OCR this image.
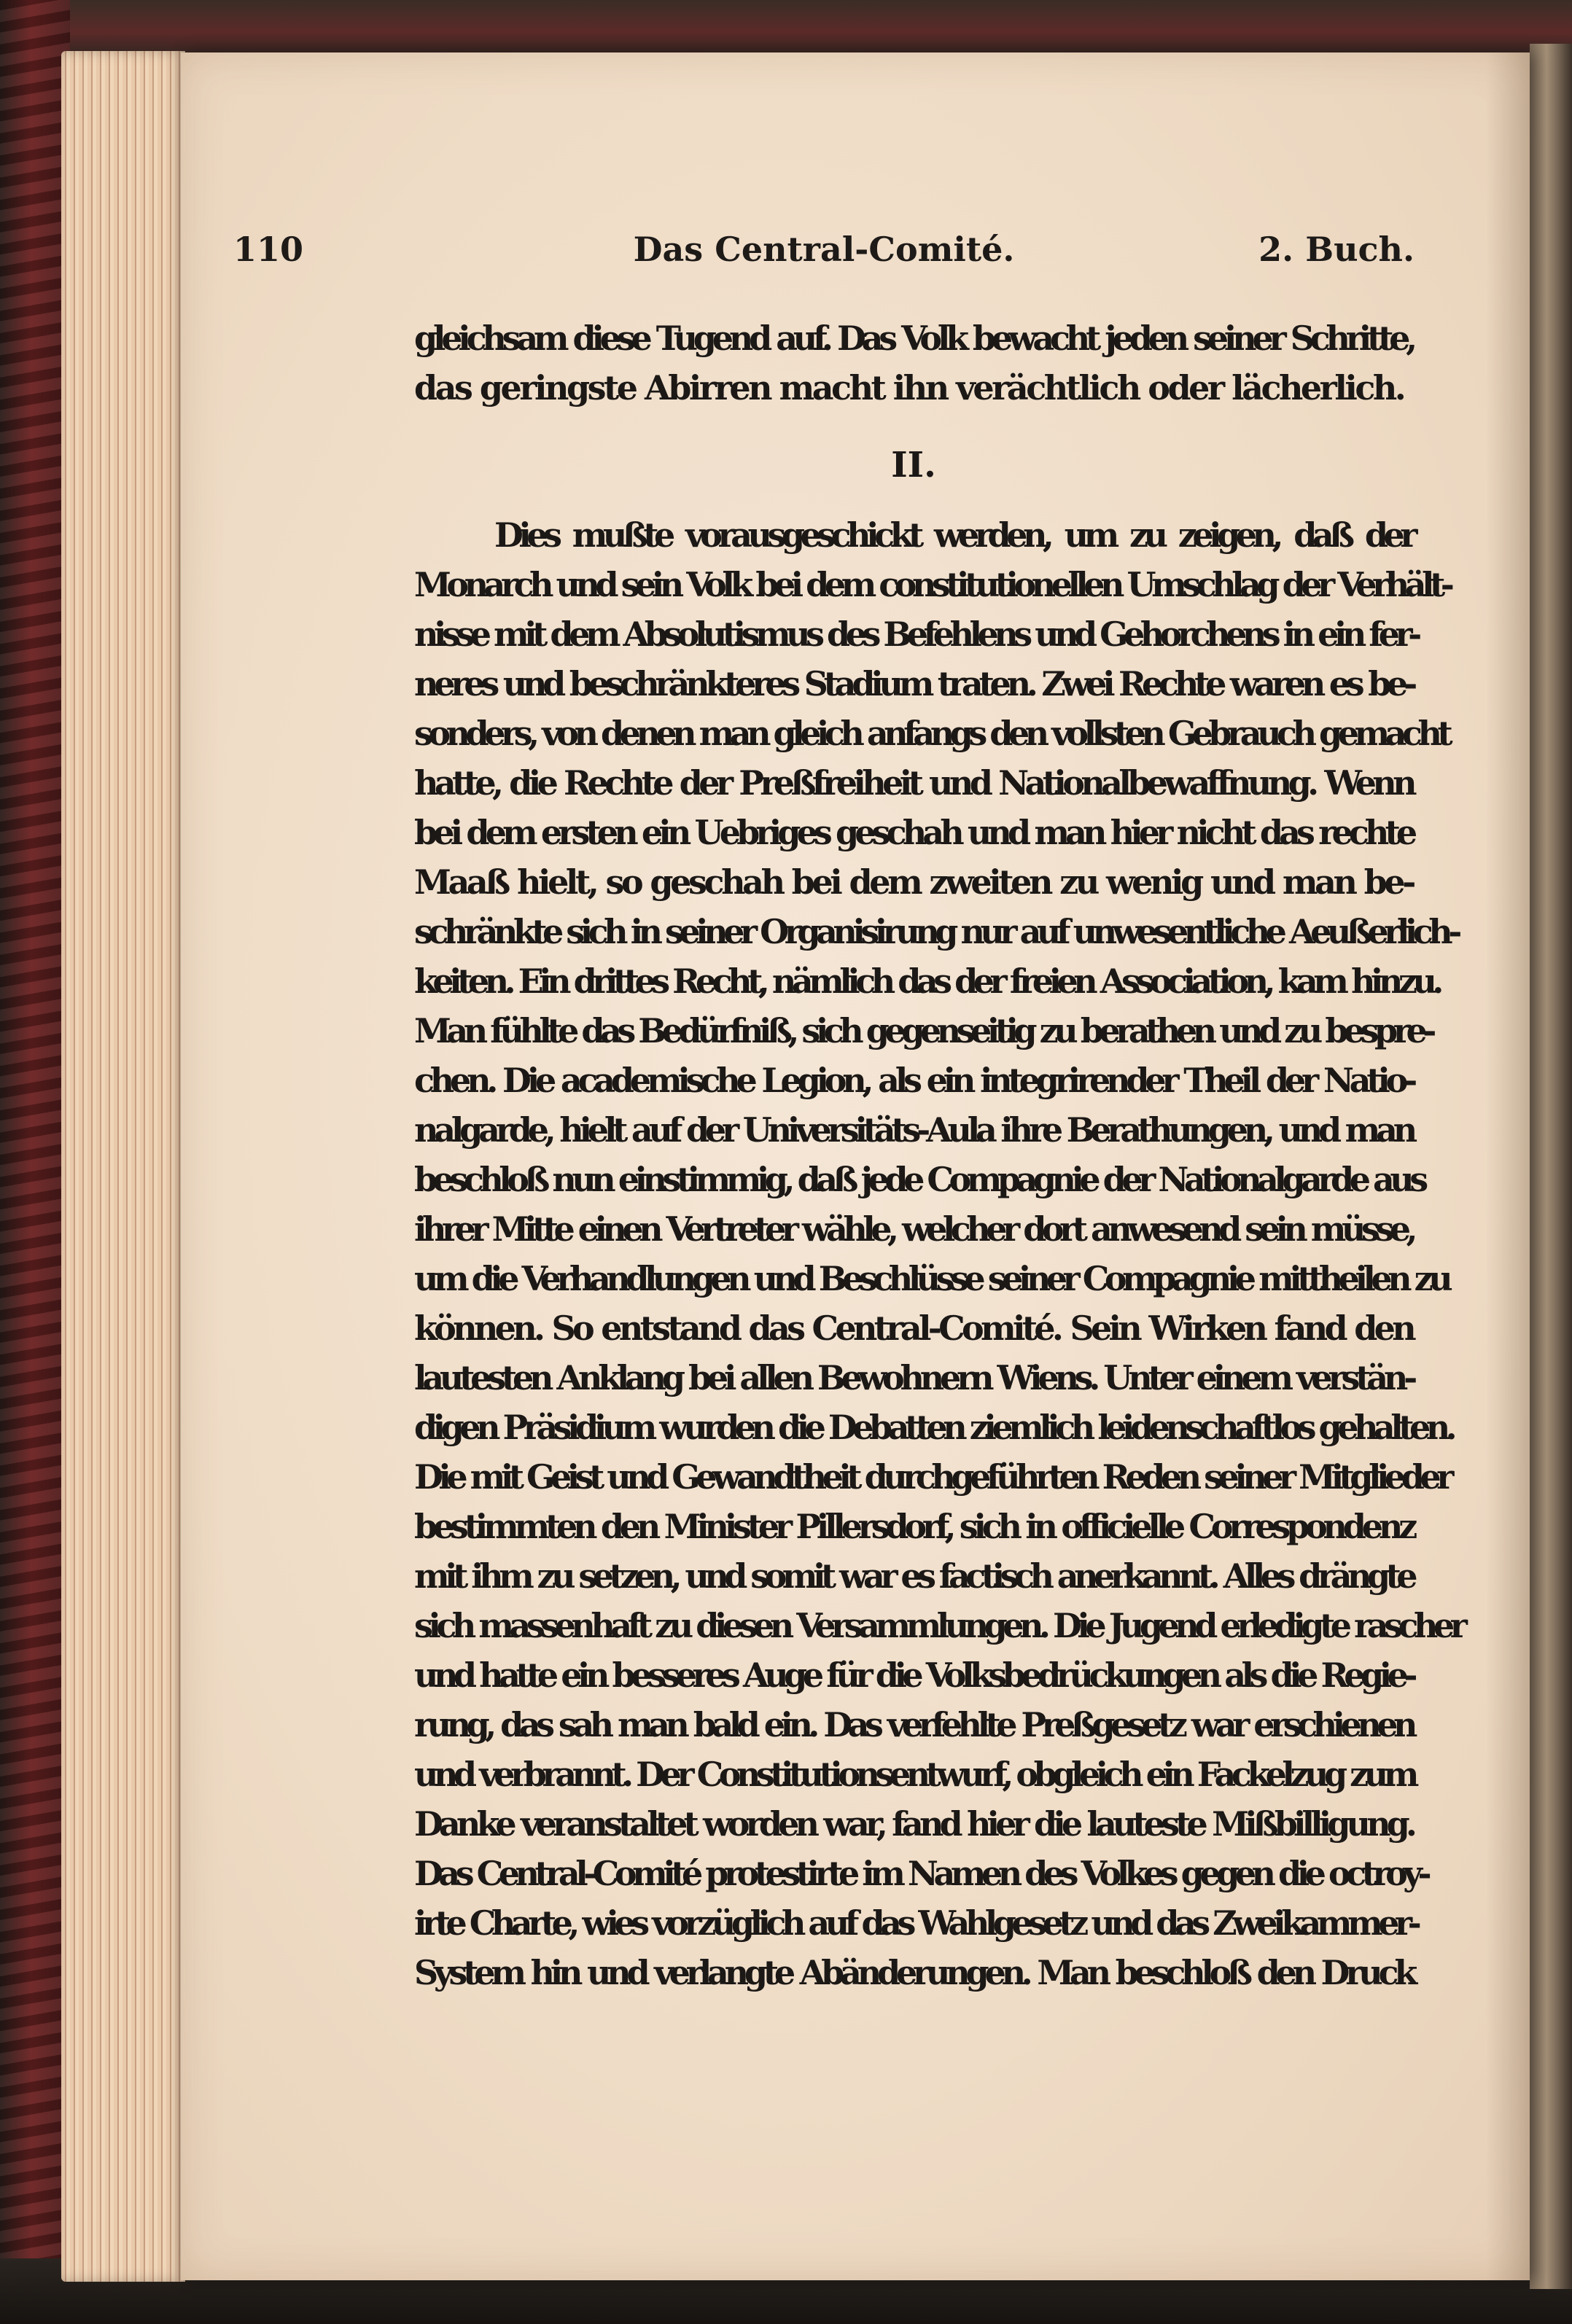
110	Das Central-Comité.	2. Buch.
gleichsam diese Tugend auf. Das Volk bewacht jeden seiner Schritte,
das geringste Abirren macht ihn verächtlich oder lächerlich.
II.
Dies mußte vorausgeschickt werden, um zu zeigen, daß der
Monarch und sein Volk bei dem constitutionellen Umschlag der Verhält-
nisse mit dem Absolutismus des Befehlens und Gehorchens in ein fer-
neres und beschränkteres Stadium traten. Zwei Rechte waren es be-
sonders, von denen man gleich anfangs den vollsten Gebrauch gemacht
hatte, die Rechte der Preßfreiheit und Nationalbewaffnung. Wenn
bei dem ersten ein Uebriges geschah und man hier nicht das rechte
Maaß hielt, so geschah bei dem zweiten zu wenig und man be-
schränkte sich in seiner Organisirung nur auf unwesentliche Aeußerlich-
keiten. Ein drittes Recht, nämlich das der freien Association, kam hinzu.
Man fühlte das Bedürfniß, sich gegenseitig zu berathen und zu bespre-
chen. Die academische Legion, als ein integrirender Theil der Natio-
nalgarde, hielt auf der Universitäts-Aula ihre Berathungen, und man
beschloß nun einstimmig, daß jede Compagnie der Nationalgarde aus
ihrer Mitte einen Vertreter wähle, welcher dort anwesend sein müsse,
um die Verhandlungen und Beschlüsse seiner Compagnie mittheilen zu
können. So entstand das Central-Comité. Sein Wirken fand den
lautesten Anklang bei allen Bewohnern Wiens. Unter einem verstän-
digen Präsidium wurden die Debatten ziemlich leidenschaftlos gehalten.
Die mit Geist und Gewandtheit durchgeführten Reden seiner Mitglieder
bestimmten den Minister Pillersdorf, sich in officielle Correspondenz
mit ihm zu setzen, und somit war es factisch anerkannt. Alles drängte
sich massenhaft zu diesen Versammlungen. Die Jugend erledigte rascher
und hatte ein besseres Auge für die Volksbedrückungen als die Regie-
rung, das sah man bald ein. Das verfehlte Preßgesetz war erschienen
und verbrannt. Der Constitutionsentwurf, obgleich ein Fackelzug zum
Danke veranstaltet worden war, fand hier die lauteste Mißbilligung.
Das Central-Comité protestirte im Namen des Volkes gegen die octroy-
irte Charte, wies vorzüglich auf das Wahlgesetz und das Zweikammer-
System hin und verlangte Abänderungen. Man beschloß den Druck
